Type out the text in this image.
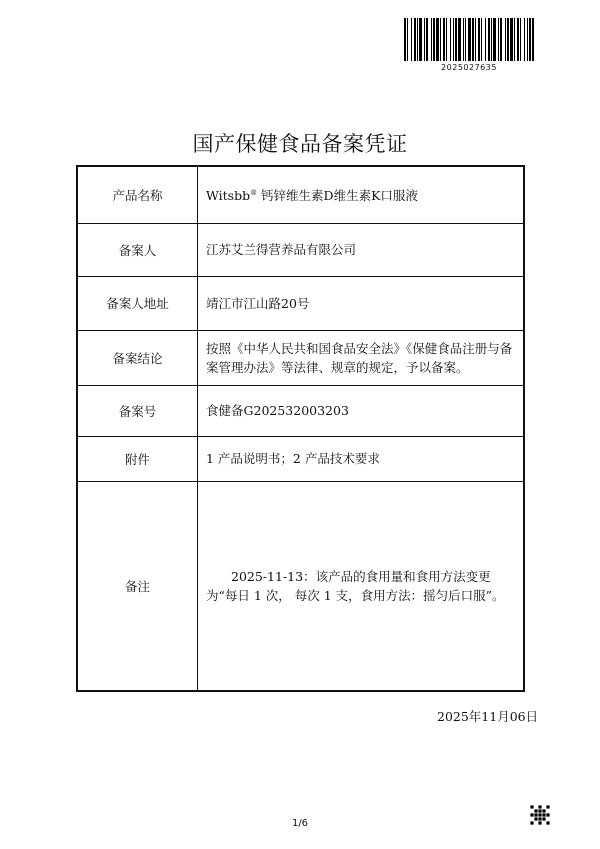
2025027635
国产保健食品备案凭证
产品名称	Witsbb® 钙锌维生素D维生素K口服液
备案人	江苏艾兰得营养品有限公司
备案人地址	靖江市江山路20号
备案结论	按照《中华人民共和国食品安全法》《保健食品注册与备案管理办法》等法律、规章的规定，予以备案。
备案号	食健备G202532003203
附件	1 产品说明书；2 产品技术要求
备注	2025-11-13：该产品的食用量和食用方法变更为“每日 1 次， 每次 1 支，食用方法：摇匀后口服”。
2025年11月06日
1/6
